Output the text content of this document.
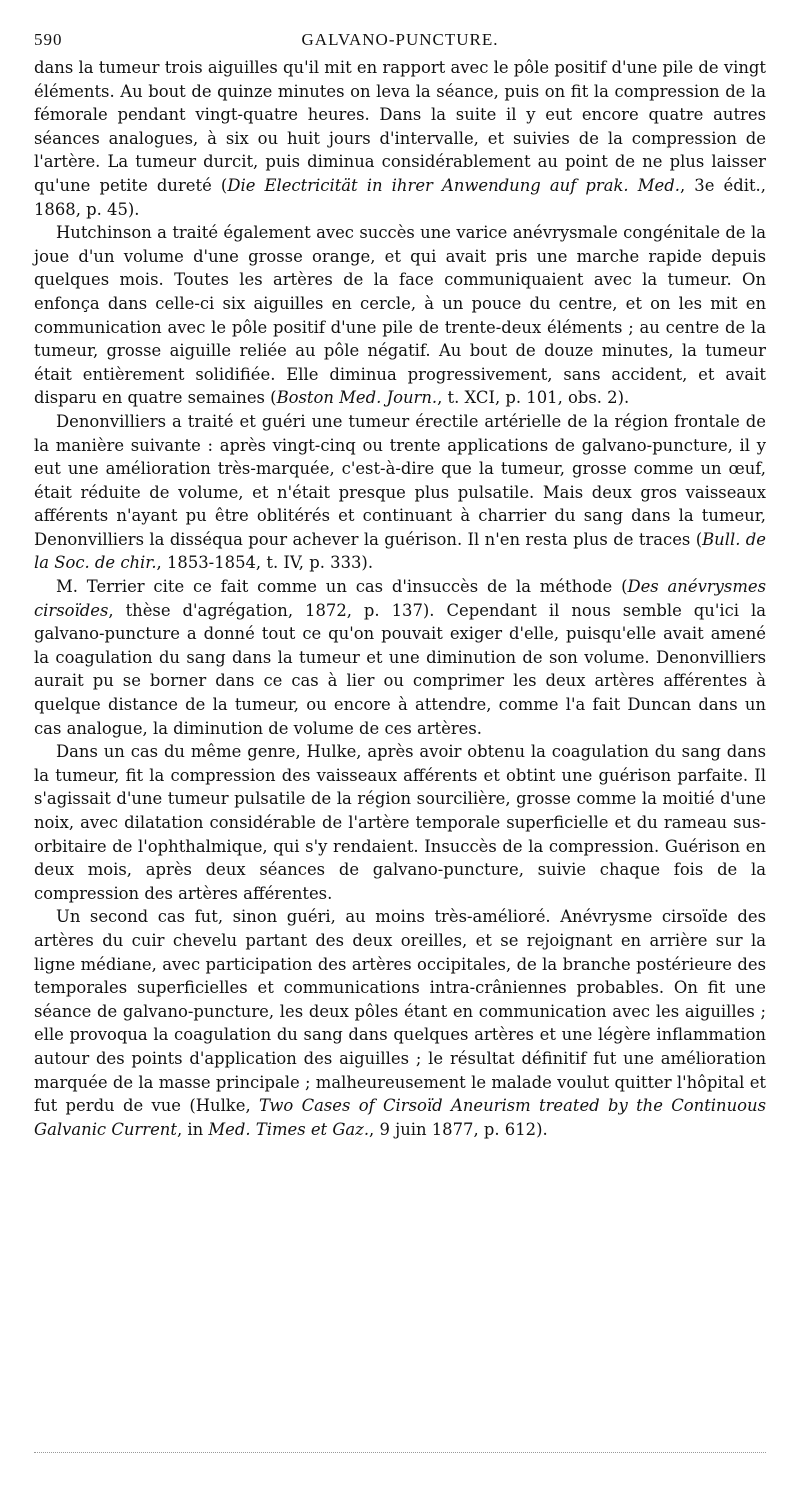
590	GALVANO-PUNCTURE.

dans la tumeur trois aiguilles qu'il mit en rapport avec le pôle positif d'une pile de vingt éléments. Au bout de quinze minutes on leva la séance, puis on fit la compression de la fémorale pendant vingt-quatre heures. Dans la suite il y eut encore quatre autres séances analogues, à six ou huit jours d'intervalle, et suivies de la compression de l'artère. La tumeur durcit, puis diminua considérablement au point de ne plus laisser qu'une petite dureté (Die Electricität in ihrer Anwendung auf prak. Med., 3e édit., 1868, p. 45).

Hutchinson a traité également avec succès une varice anévrysmale congénitale de la joue d'un volume d'une grosse orange, et qui avait pris une marche rapide depuis quelques mois. Toutes les artères de la face communiquaient avec la tumeur. On enfonça dans celle-ci six aiguilles en cercle, à un pouce du centre, et on les mit en communication avec le pôle positif d'une pile de trente-deux éléments ; au centre de la tumeur, grosse aiguille reliée au pôle négatif. Au bout de douze minutes, la tumeur était entièrement solidifiée. Elle diminua progressivement, sans accident, et avait disparu en quatre semaines (Boston Med. Journ., t. XCI, p. 101, obs. 2).

Denonvilliers a traité et guéri une tumeur érectile artérielle de la région frontale de la manière suivante : après vingt-cinq ou trente applications de galvano-puncture, il y eut une amélioration très-marquée, c'est-à-dire que la tumeur, grosse comme un œuf, était réduite de volume, et n'était presque plus pulsatile. Mais deux gros vaisseaux afférents n'ayant pu être oblitérés et continuant à charrier du sang dans la tumeur, Denonvilliers la disséqua pour achever la guérison. Il n'en resta plus de traces (Bull. de la Soc. de chir., 1853-1854, t. IV, p. 333).

M. Terrier cite ce fait comme un cas d'insuccès de la méthode (Des anévrysmes cirsoïdes, thèse d'agrégation, 1872, p. 137). Cependant il nous semble qu'ici la galvano-puncture a donné tout ce qu'on pouvait exiger d'elle, puisqu'elle avait amené la coagulation du sang dans la tumeur et une diminution de son volume. Denonvilliers aurait pu se borner dans ce cas à lier ou comprimer les deux artères afférentes à quelque distance de la tumeur, ou encore à attendre, comme l'a fait Duncan dans un cas analogue, la diminution de volume de ces artères.

Dans un cas du même genre, Hulke, après avoir obtenu la coagulation du sang dans la tumeur, fit la compression des vaisseaux afférents et obtint une guérison parfaite. Il s'agissait d'une tumeur pulsatile de la région sourcilière, grosse comme la moitié d'une noix, avec dilatation considérable de l'artère temporale superficielle et du rameau sus-orbitaire de l'ophthalmique, qui s'y rendaient. Insuccès de la compression. Guérison en deux mois, après deux séances de galvano-puncture, suivie chaque fois de la compression des artères afférentes.

Un second cas fut, sinon guéri, au moins très-amélioré. Anévrysme cirsoïde des artères du cuir chevelu partant des deux oreilles, et se rejoignant en arrière sur la ligne médiane, avec participation des artères occipitales, de la branche postérieure des temporales superficielles et communications intra-crâniennes probables. On fit une séance de galvano-puncture, les deux pôles étant en communication avec les aiguilles ; elle provoqua la coagulation du sang dans quelques artères et une légère inflammation autour des points d'application des aiguilles ; le résultat définitif fut une amélioration marquée de la masse principale ; malheureusement le malade voulut quitter l'hôpital et fut perdu de vue (Hulke, Two Cases of Cirsoïd Aneurism treated by the Continuous Galvanic Current, in Med. Times et Gaz., 9 juin 1877, p. 612).
